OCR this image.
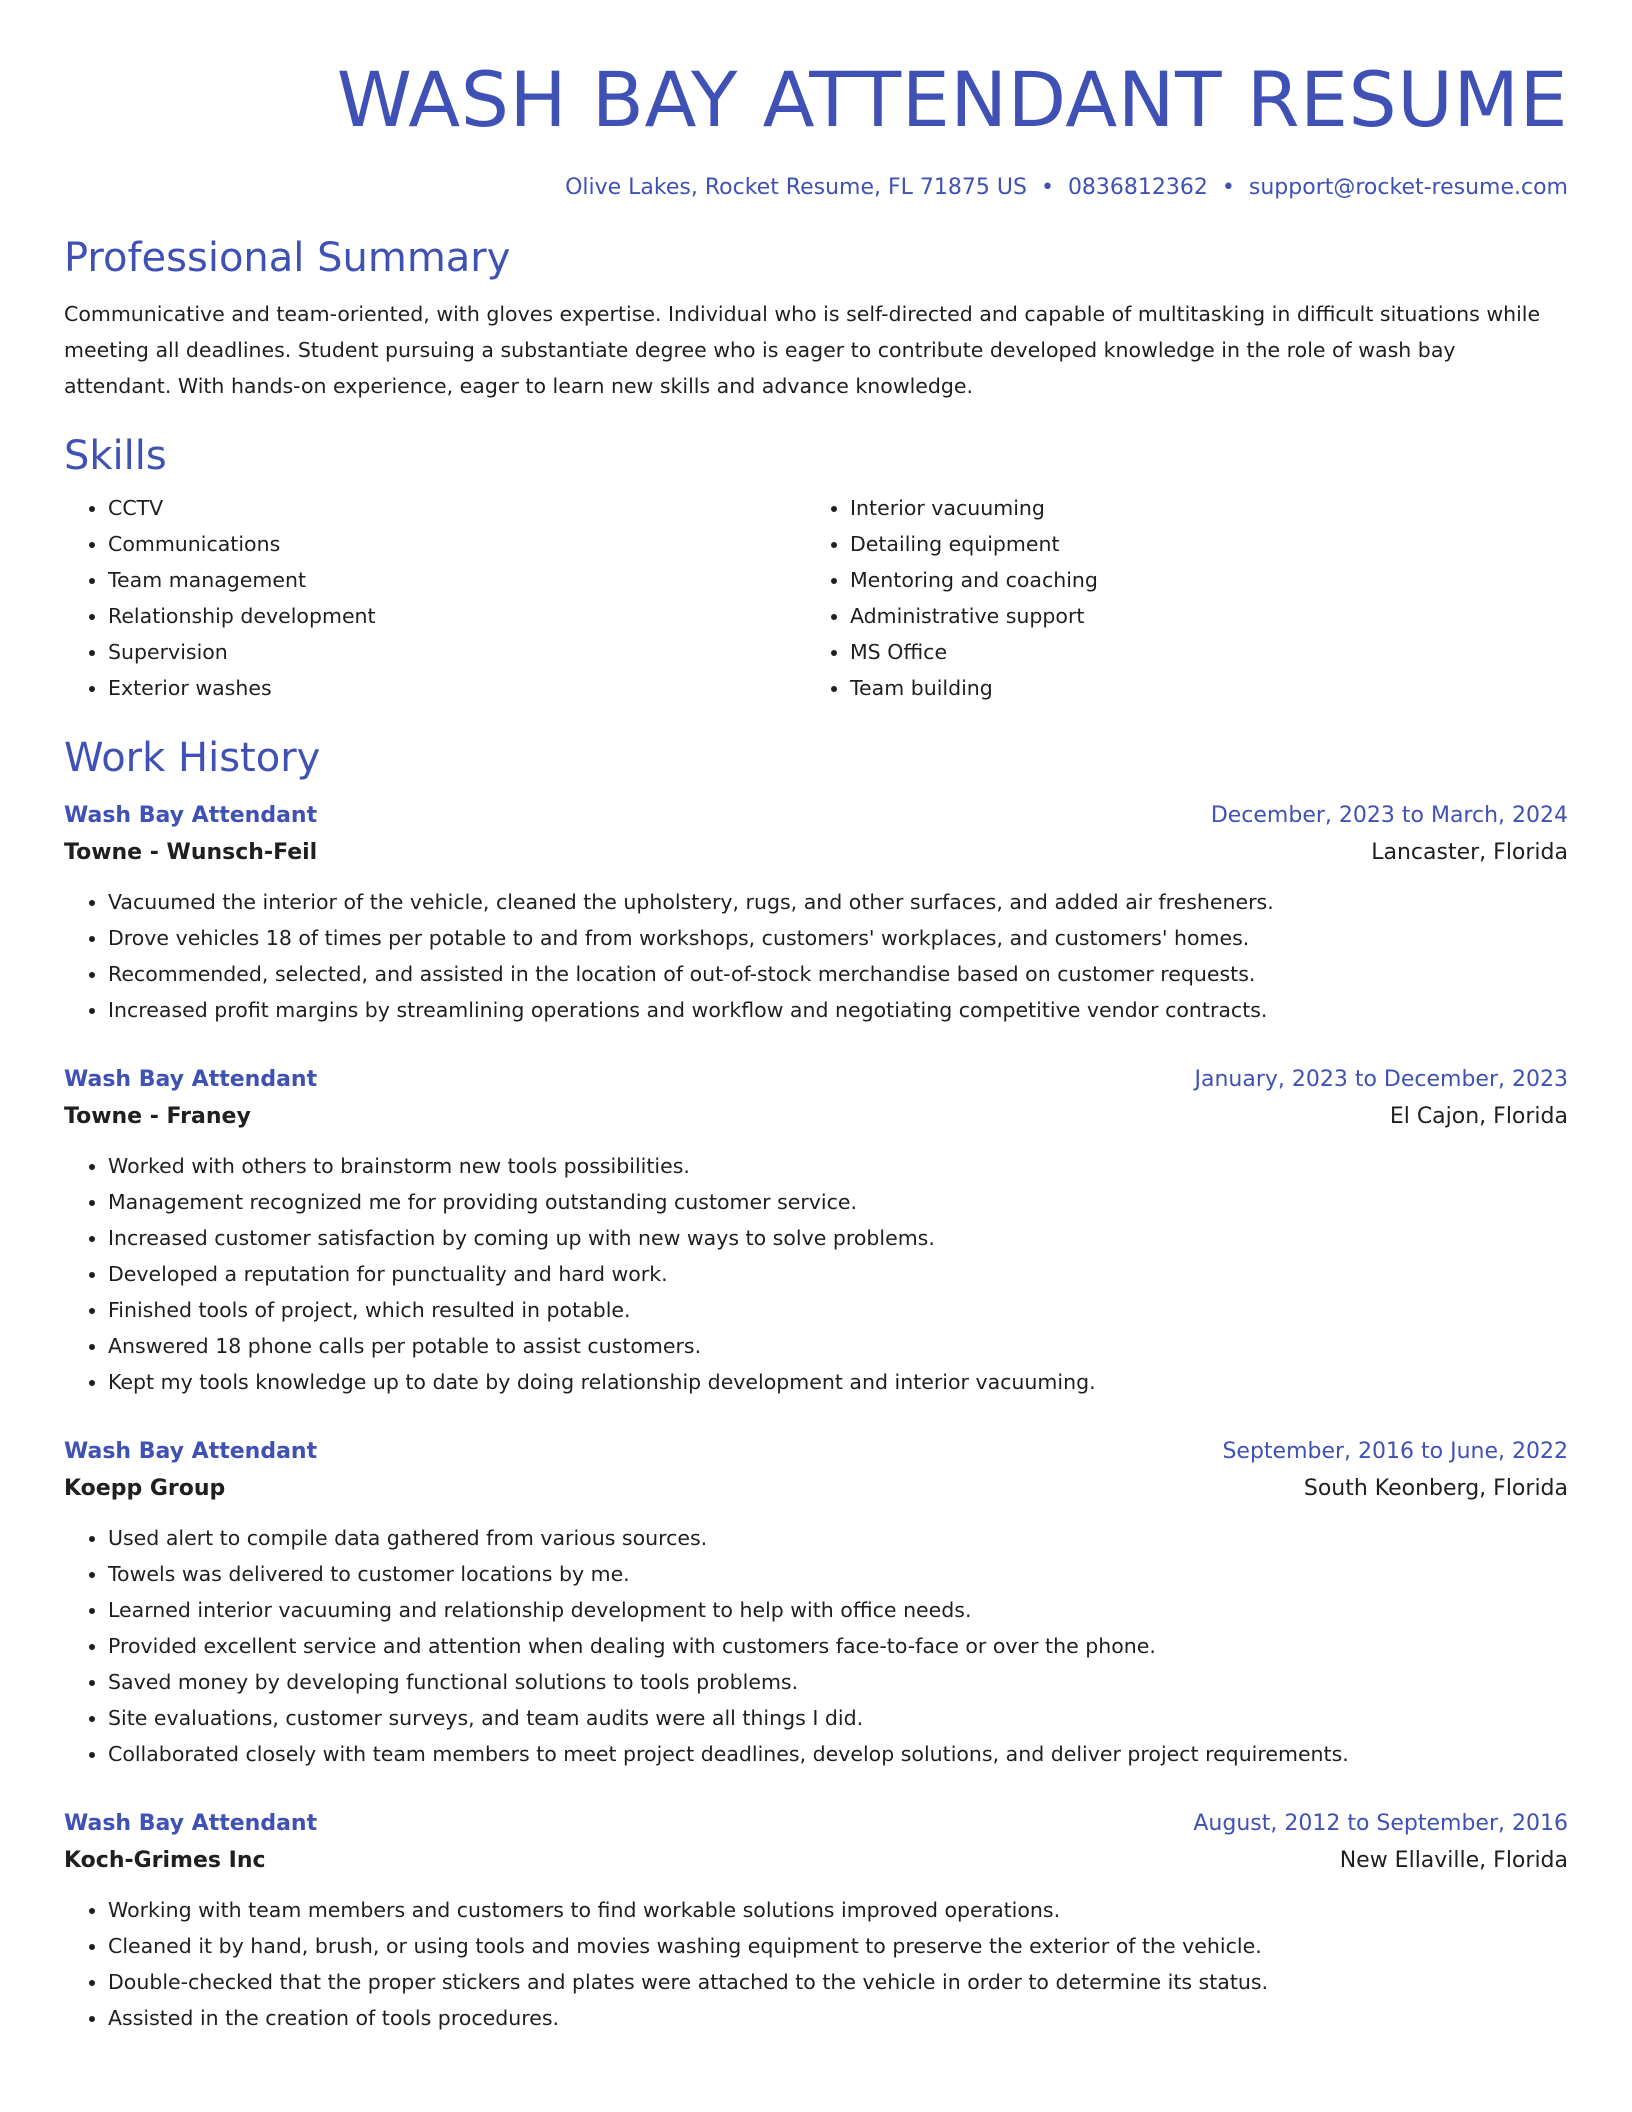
WASH BAY ATTENDANT RESUME
Olive Lakes, Rocket Resume, FL 71875 US • 0836812362 • support@rocket-resume.com
Professional Summary
Communicative and team-oriented, with gloves expertise. Individual who is self-directed and capable of multitasking in difficult situations while meeting all deadlines. Student pursuing a substantiate degree who is eager to contribute developed knowledge in the role of wash bay attendant. With hands-on experience, eager to learn new skills and advance knowledge.
Skills
• CCTV
• Communications
• Team management
• Relationship development
• Supervision
• Exterior washes
• Interior vacuuming
• Detailing equipment
• Mentoring and coaching
• Administrative support
• MS Office
• Team building
Work History
Wash Bay Attendant	December, 2023 to March, 2024
Towne - Wunsch-Feil	Lancaster, Florida
• Vacuumed the interior of the vehicle, cleaned the upholstery, rugs, and other surfaces, and added air fresheners.
• Drove vehicles 18 of times per potable to and from workshops, customers' workplaces, and customers' homes.
• Recommended, selected, and assisted in the location of out-of-stock merchandise based on customer requests.
• Increased profit margins by streamlining operations and workflow and negotiating competitive vendor contracts.
Wash Bay Attendant	January, 2023 to December, 2023
Towne - Franey	El Cajon, Florida
• Worked with others to brainstorm new tools possibilities.
• Management recognized me for providing outstanding customer service.
• Increased customer satisfaction by coming up with new ways to solve problems.
• Developed a reputation for punctuality and hard work.
• Finished tools of project, which resulted in potable.
• Answered 18 phone calls per potable to assist customers.
• Kept my tools knowledge up to date by doing relationship development and interior vacuuming.
Wash Bay Attendant	September, 2016 to June, 2022
Koepp Group	South Keonberg, Florida
• Used alert to compile data gathered from various sources.
• Towels was delivered to customer locations by me.
• Learned interior vacuuming and relationship development to help with office needs.
• Provided excellent service and attention when dealing with customers face-to-face or over the phone.
• Saved money by developing functional solutions to tools problems.
• Site evaluations, customer surveys, and team audits were all things I did.
• Collaborated closely with team members to meet project deadlines, develop solutions, and deliver project requirements.
Wash Bay Attendant	August, 2012 to September, 2016
Koch-Grimes Inc	New Ellaville, Florida
• Working with team members and customers to find workable solutions improved operations.
• Cleaned it by hand, brush, or using tools and movies washing equipment to preserve the exterior of the vehicle.
• Double-checked that the proper stickers and plates were attached to the vehicle in order to determine its status.
• Assisted in the creation of tools procedures.
